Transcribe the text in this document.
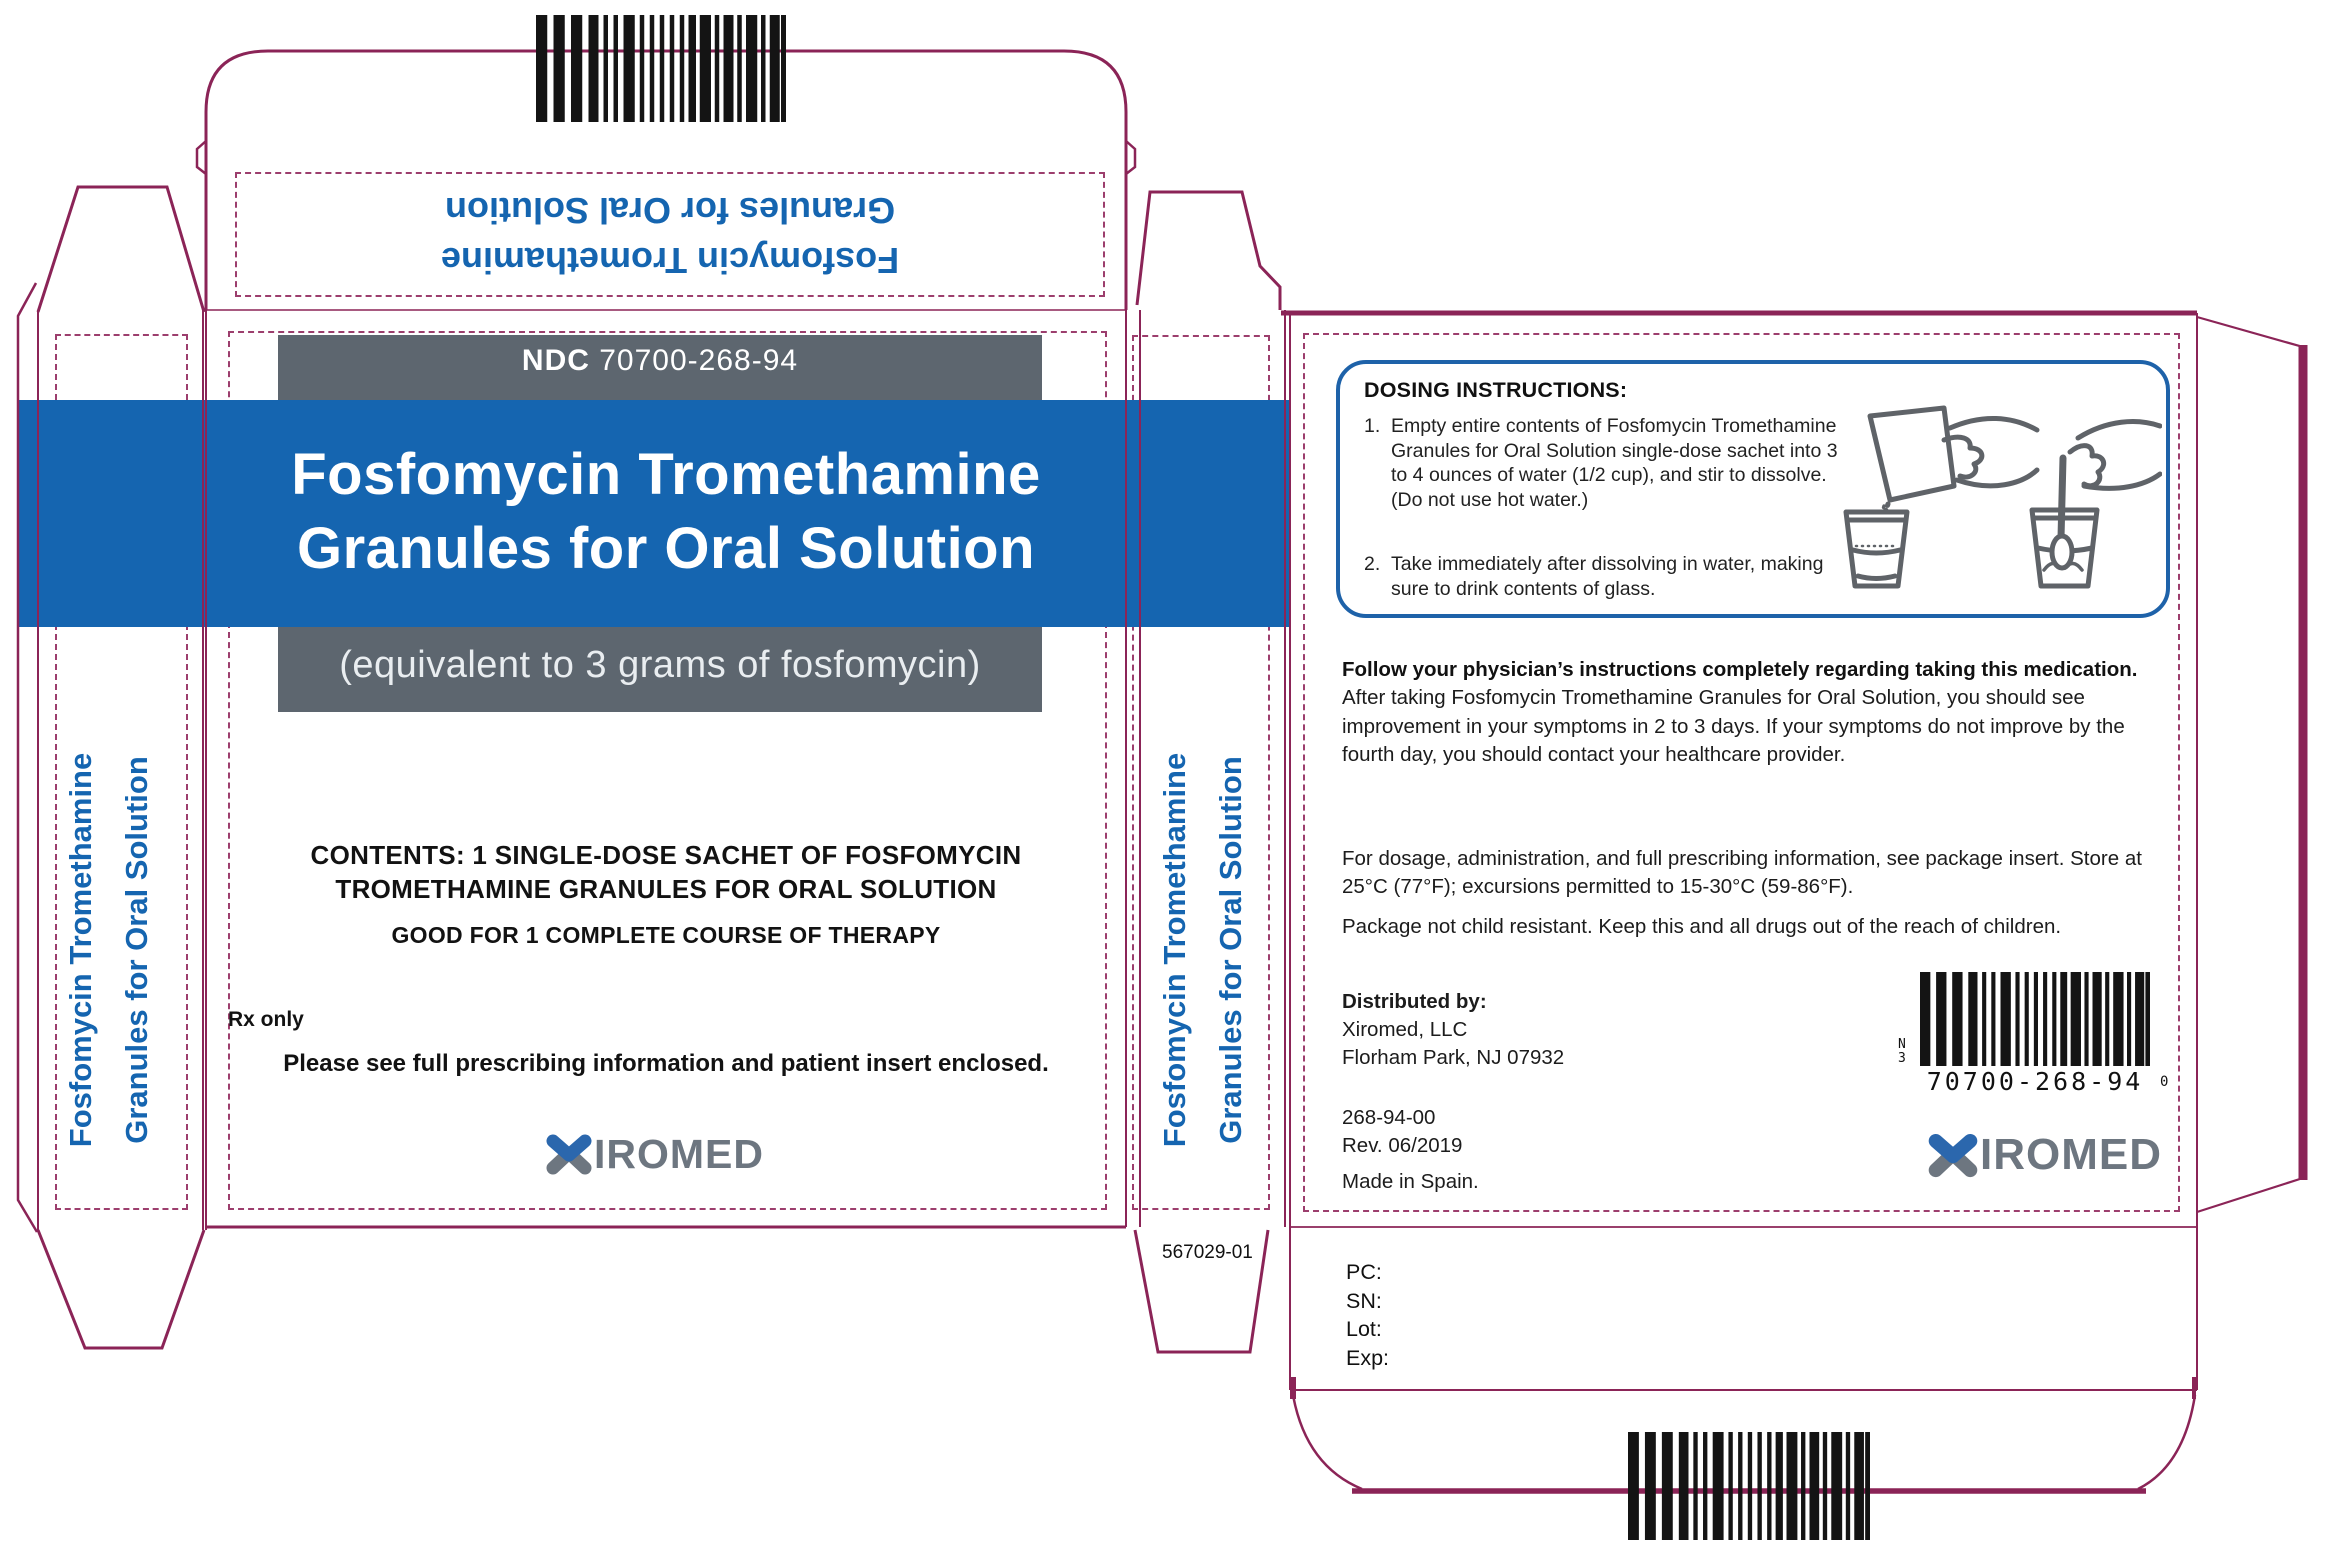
Fosfomycin Tromethamine
Granules for Oral Solution
NDC 70700-268-94
Fosfomycin Tromethamine
Granules for Oral Solution
(equivalent to 3 grams of fosfomycin)
CONTENTS: 1 SINGLE-DOSE SACHET OF FOSFOMYCIN
TROMETHAMINE GRANULES FOR ORAL SOLUTION
GOOD FOR 1 COMPLETE COURSE OF THERAPY
Rx only
Please see full prescribing information and patient insert enclosed.
IROMED
Fosfomycin Tromethamine Granules for Oral Solution	Fosfomycin Tromethamine Granules for Oral Solution
DOSING INSTRUCTIONS:
1. Empty entire contents of Fosfomycin Tromethamine Granules for Oral Solution single-dose sachet into 3 to 4 ounces of water (1/2 cup), and stir to dissolve. (Do not use hot water.)
2. Take immediately after dissolving in water, making sure to drink contents of glass.
Follow your physician’s instructions completely regarding taking this medication. After taking Fosfomycin Tromethamine Granules for Oral Solution, you should see improvement in your symptoms in 2 to 3 days. If your symptoms do not improve by the fourth day, you should contact your healthcare provider.
For dosage, administration, and full prescribing information, see package insert. Store at 25°C (77°F); excursions permitted to 15-30°C (59-86°F).
Package not child resistant. Keep this and all drugs out of the reach of children.
Distributed by:
Xiromed, LLC
Florham Park, NJ 07932
268-94-00
Rev. 06/2019
Made in Spain.
N
3
70700-268-94	0
IROMED
567029-01
PC:
SN:
Lot:
Exp:
